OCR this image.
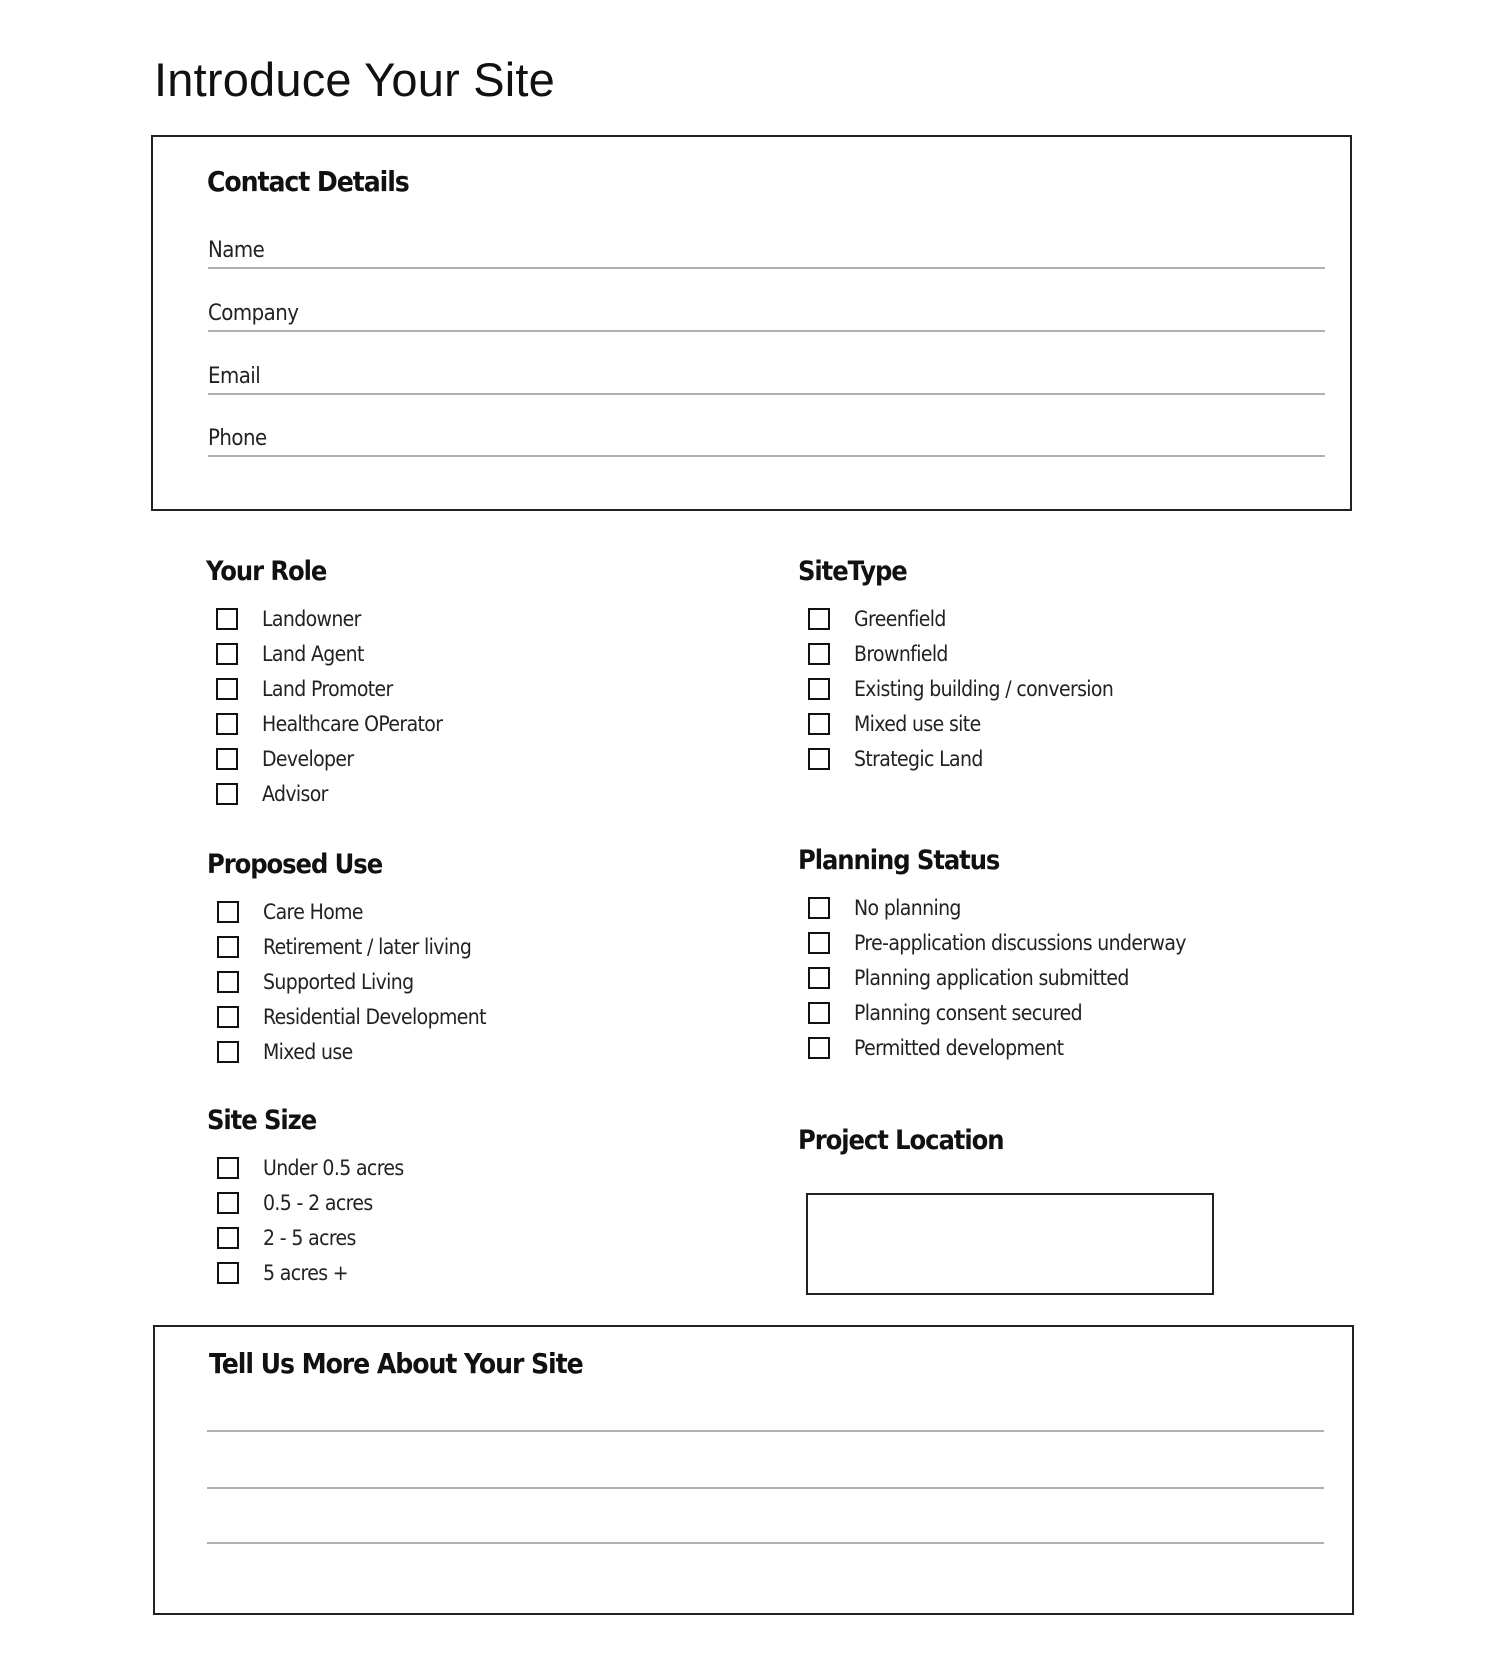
Introduce Your Site
Contact Details
Name
Company
Email
Phone
Your Role
Landowner
Land Agent
Land Promoter
Healthcare OPerator
Developer
Advisor
SiteType
Greenfield
Brownfield
Existing building / conversion
Mixed use site
Strategic Land
Proposed Use
Care Home
Retirement / later living
Supported Living
Residential Development
Mixed use
Planning Status
No planning
Pre-application discussions underway
Planning application submitted
Planning consent secured
Permitted development
Site Size
Under 0.5 acres
0.5 - 2 acres
2 - 5 acres
5 acres +
Project Location
Tell Us More About Your Site
